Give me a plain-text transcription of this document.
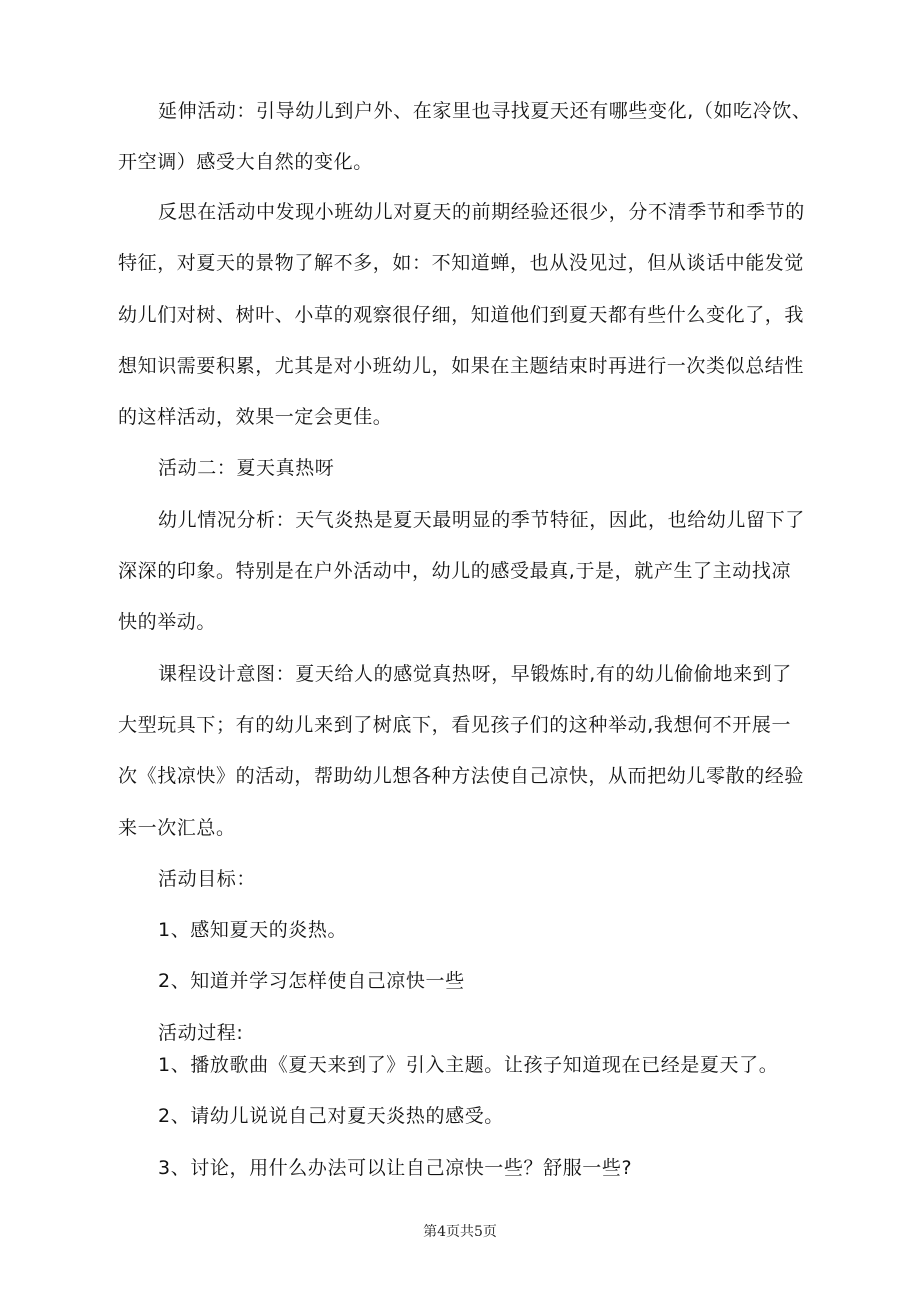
延伸活动：引导幼儿到户外、在家里也寻找夏天还有哪些变化,（如吃冷饮、
开空调）感受大自然的变化。
反思在活动中发现小班幼儿对夏天的前期经验还很少，分不清季节和季节的
特征，对夏天的景物了解不多，如：不知道蝉，也从没见过，但从谈话中能发觉
幼儿们对树、树叶、小草的观察很仔细，知道他们到夏天都有些什么变化了，我
想知识需要积累，尤其是对小班幼儿，如果在主题结束时再进行一次类似总结性
的这样活动，效果一定会更佳。
活动二：夏天真热呀
幼儿情况分析：天气炎热是夏天最明显的季节特征，因此，也给幼儿留下了
深深的印象。特别是在户外活动中，幼儿的感受最真,于是，就产生了主动找凉
快的举动。
课程设计意图：夏天给人的感觉真热呀，早锻炼时,有的幼儿偷偷地来到了
大型玩具下；有的幼儿来到了树底下，看见孩子们的这种举动,我想何不开展一
次《找凉快》的活动，帮助幼儿想各种方法使自己凉快，从而把幼儿零散的经验
来一次汇总。
活动目标：
1、感知夏天的炎热。
2、知道并学习怎样使自己凉快一些
活动过程:
1、播放歌曲《夏天来到了》引入主题。让孩子知道现在已经是夏天了。
2、请幼儿说说自己对夏天炎热的感受。
3、讨论，用什么办法可以让自己凉快一些？舒服一些?
第4页共5页
